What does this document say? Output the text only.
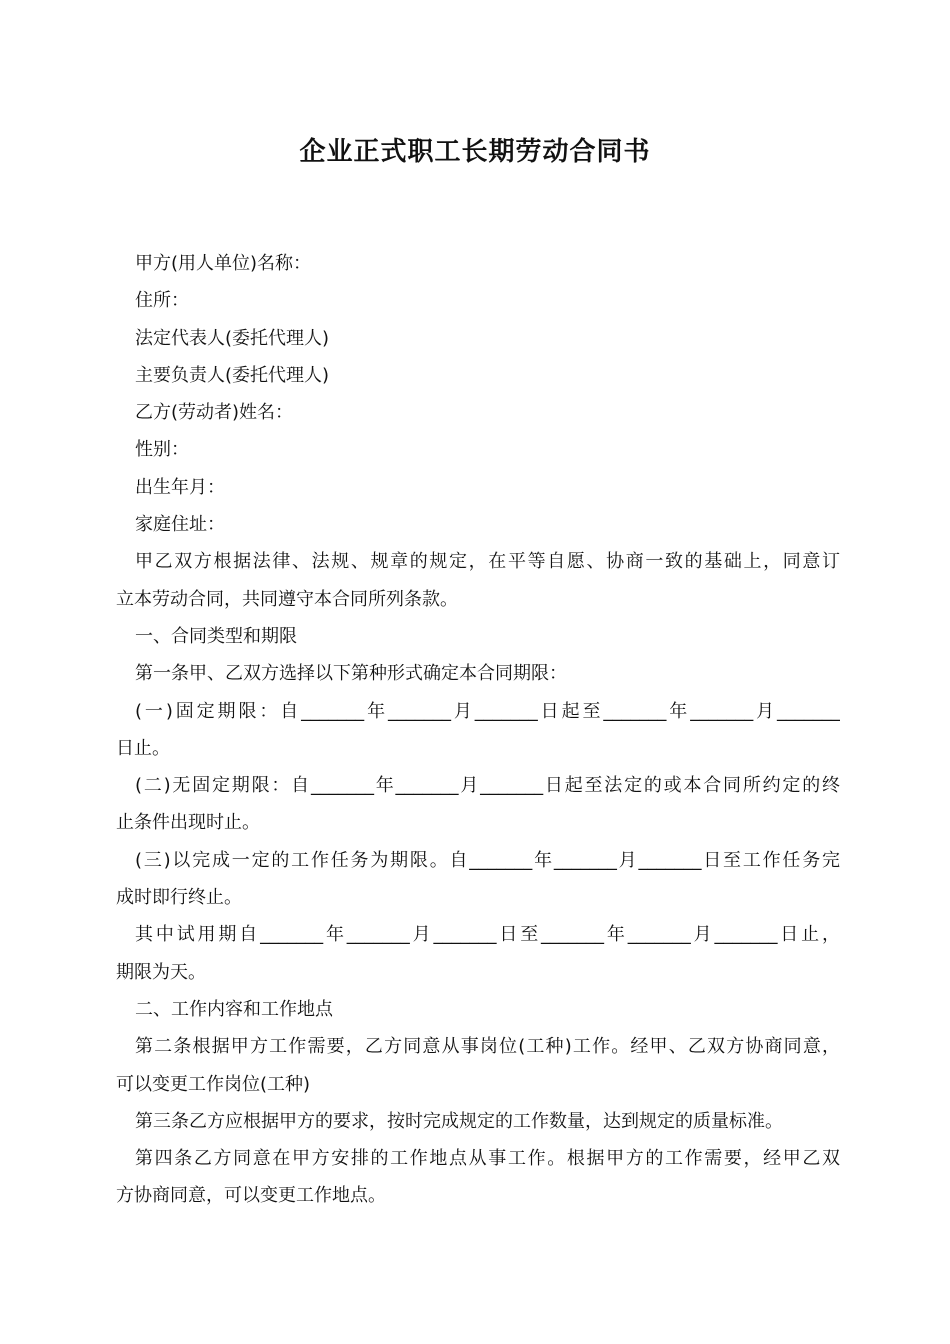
企业正式职工长期劳动合同书

甲方(用人单位)名称：

住所：

法定代表人(委托代理人)

主要负责人(委托代理人)

乙方(劳动者)姓名：

性别：

出生年月：

家庭住址：

甲乙双方根据法律、法规、规章的规定，在平等自愿、协商一致的基础上，同意订

立本劳动合同，共同遵守本合同所列条款。

一、合同类型和期限

第一条甲、乙双方选择以下第种形式确定本合同期限：

(一)固定期限：自_______年_______月_______日起至_______年_______月_______

日止。

(二)无固定期限：自_______年_______月_______日起至法定的或本合同所约定的终

止条件出现时止。

(三)以完成一定的工作任务为期限。自_______年_______月_______日至工作任务完

成时即行终止。

其中试用期自_______年_______月_______日至_______年_______月_______日止，

期限为天。

二、工作内容和工作地点

第二条根据甲方工作需要，乙方同意从事岗位(工种)工作。经甲、乙双方协商同意，

可以变更工作岗位(工种)

第三条乙方应根据甲方的要求，按时完成规定的工作数量，达到规定的质量标准。

第四条乙方同意在甲方安排的工作地点从事工作。根据甲方的工作需要，经甲乙双

方协商同意，可以变更工作地点。
